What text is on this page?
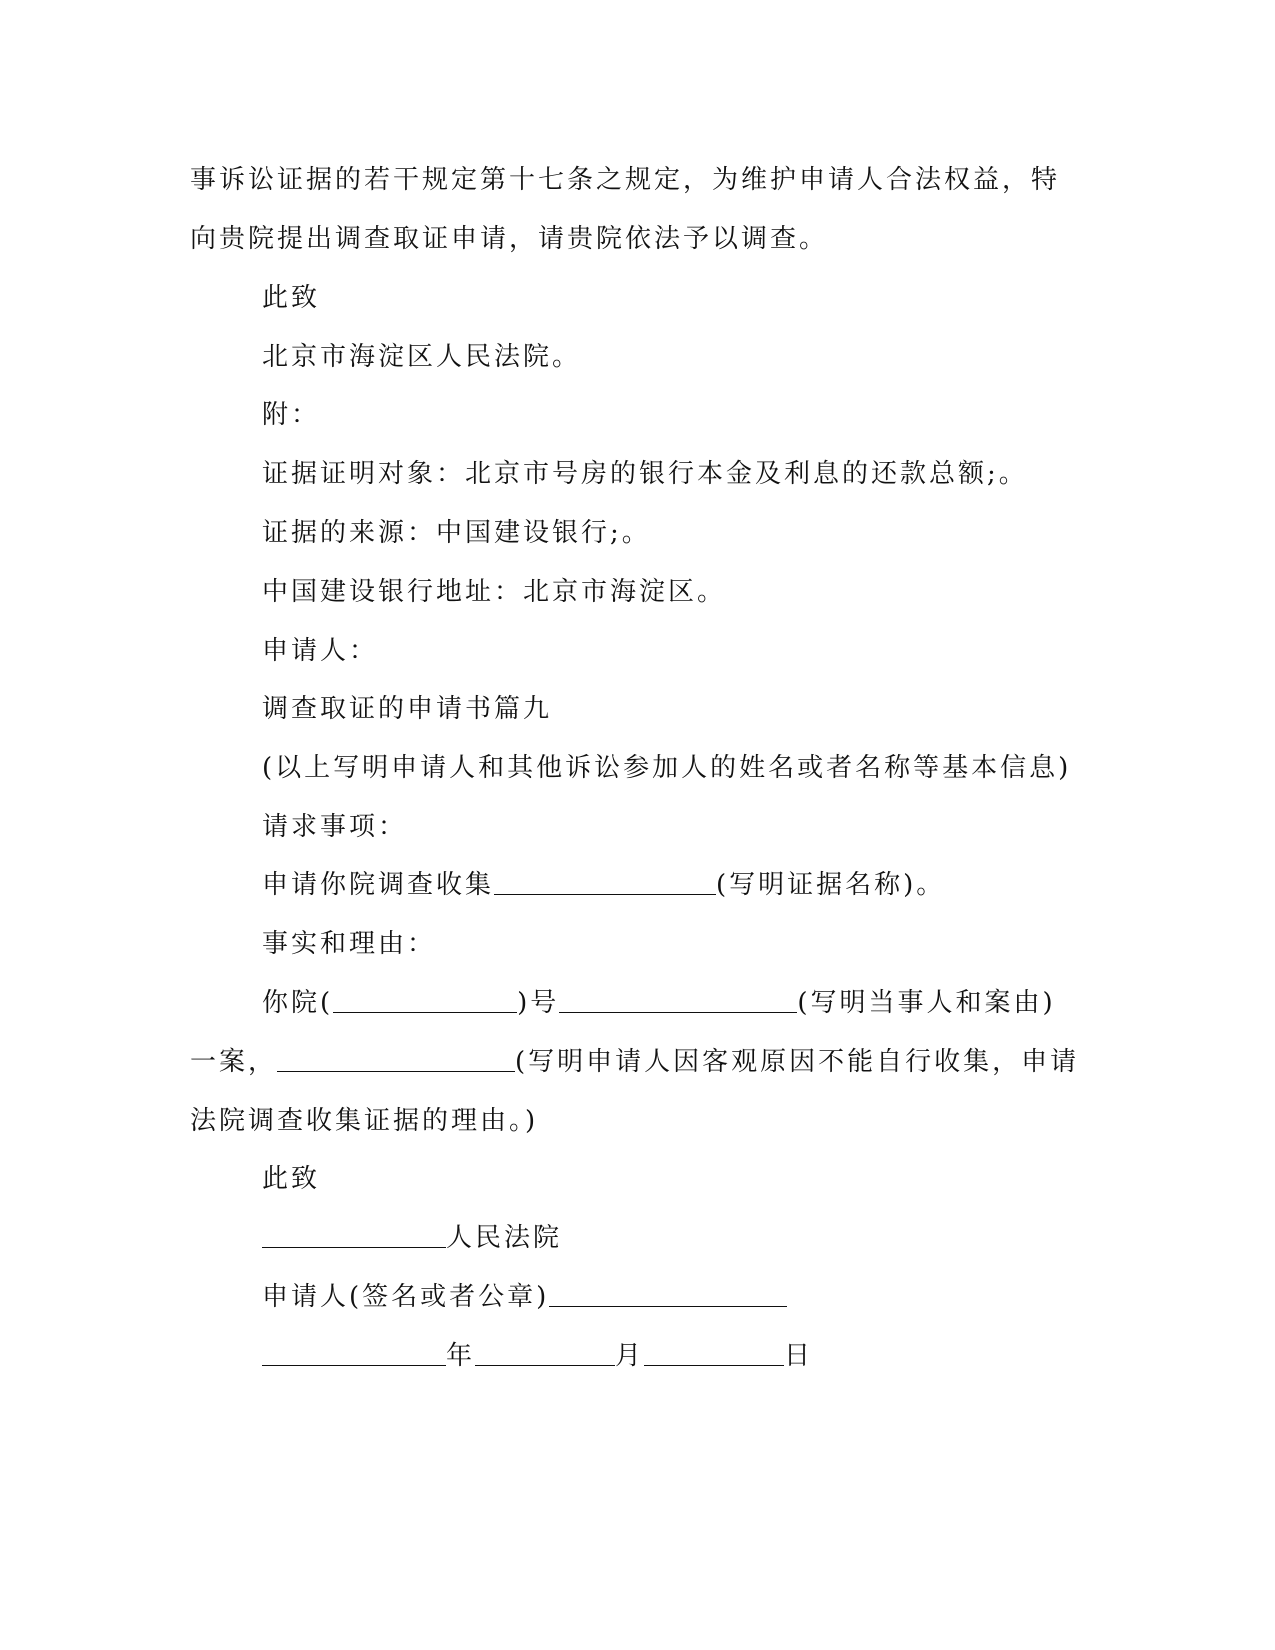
事诉讼证据的若干规定第十七条之规定，为维护申请人合法权益，特
向贵院提出调查取证申请，请贵院依法予以调查。
此致
北京市海淀区人民法院。
附：
证据证明对象：北京市号房的银行本金及利息的还款总额;。
证据的来源：中国建设银行;。
中国建设银行地址：北京市海淀区。
申请人：
调查取证的申请书篇九
(以上写明申请人和其他诉讼参加人的姓名或者名称等基本信息)
请求事项：
申请你院调查收集	(写明证据名称)。
事实和理由：
你院(	)号	(写明当事人和案由)
一案，	(写明申请人因客观原因不能自行收集，申请
法院调查收集证据的理由。)
此致
人民法院
申请人(签名或者公章)
年	月	日
